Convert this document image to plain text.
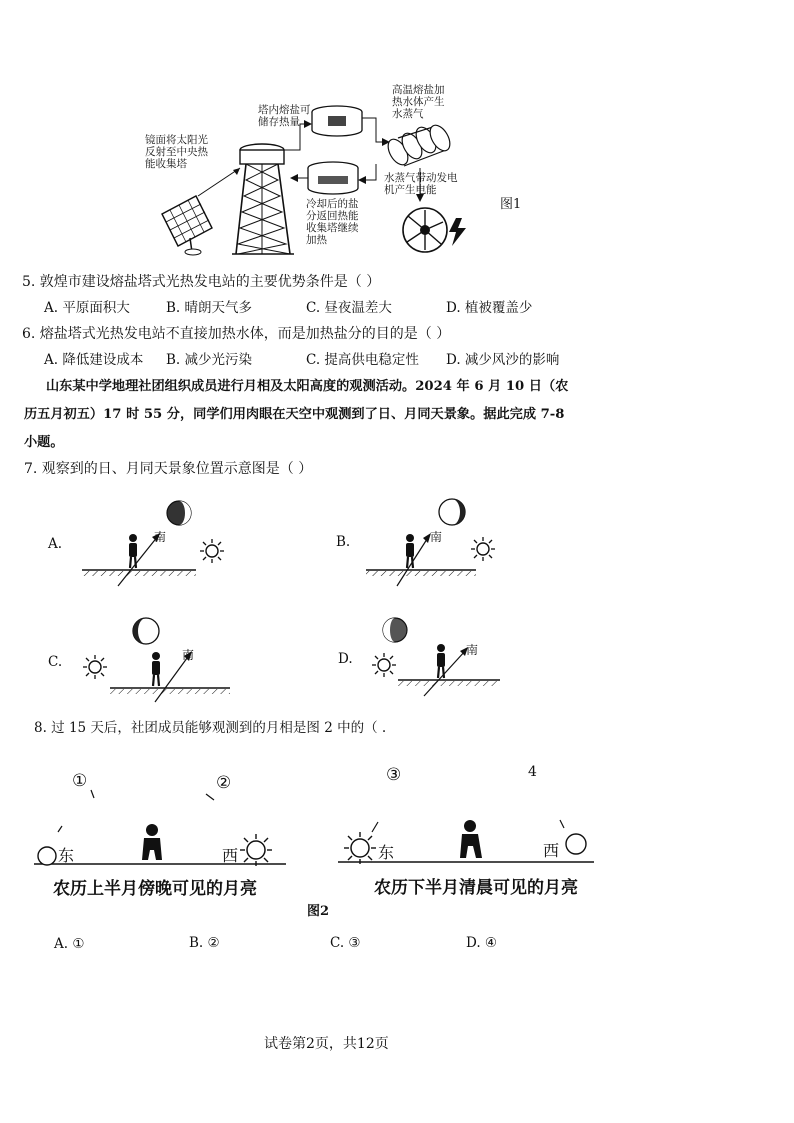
镜面将太阳光反射至中央热能收集塔
塔内熔盐可储存热量
高温熔盐加热水体产生水蒸气
冷却后的盐分返回热能收集塔继续加热
水蒸气带动发电机产生电能
图1
5. 敦煌市建设熔盐塔式光热发电站的主要优势条件是（ ）
A. 平原面积大	B. 晴朗天气多	C. 昼夜温差大	D. 植被覆盖少
6. 熔盐塔式光热发电站不直接加热水体，而是加热盐分的目的是（ ）
A. 降低建设成本 B. 减少光污染	C. 提高供电稳定性 D. 减少风沙的影响
山东某中学地理社团组织成员进行月相及太阳高度的观测活动。2024 年 6 月 10 日（农
历五月初五）17 时 55 分，同学们用肉眼在天空中观测到了日、月同天景象。据此完成 7-8
小题。
7. 观察到的日、月同天景象位置示意图是（ ）
A.	南	B.	南
C.	南	D.
南
8. 过 15 天后，社团成员能够观测到的月相是图 2 中的（ .
①	②	③	4
东	西	东	西
农历上半月傍晚可见的月亮	农历下半月清晨可见的月亮
图2
A. ①	B. ②	C. ③	D. ④
试卷第2页，共12页
